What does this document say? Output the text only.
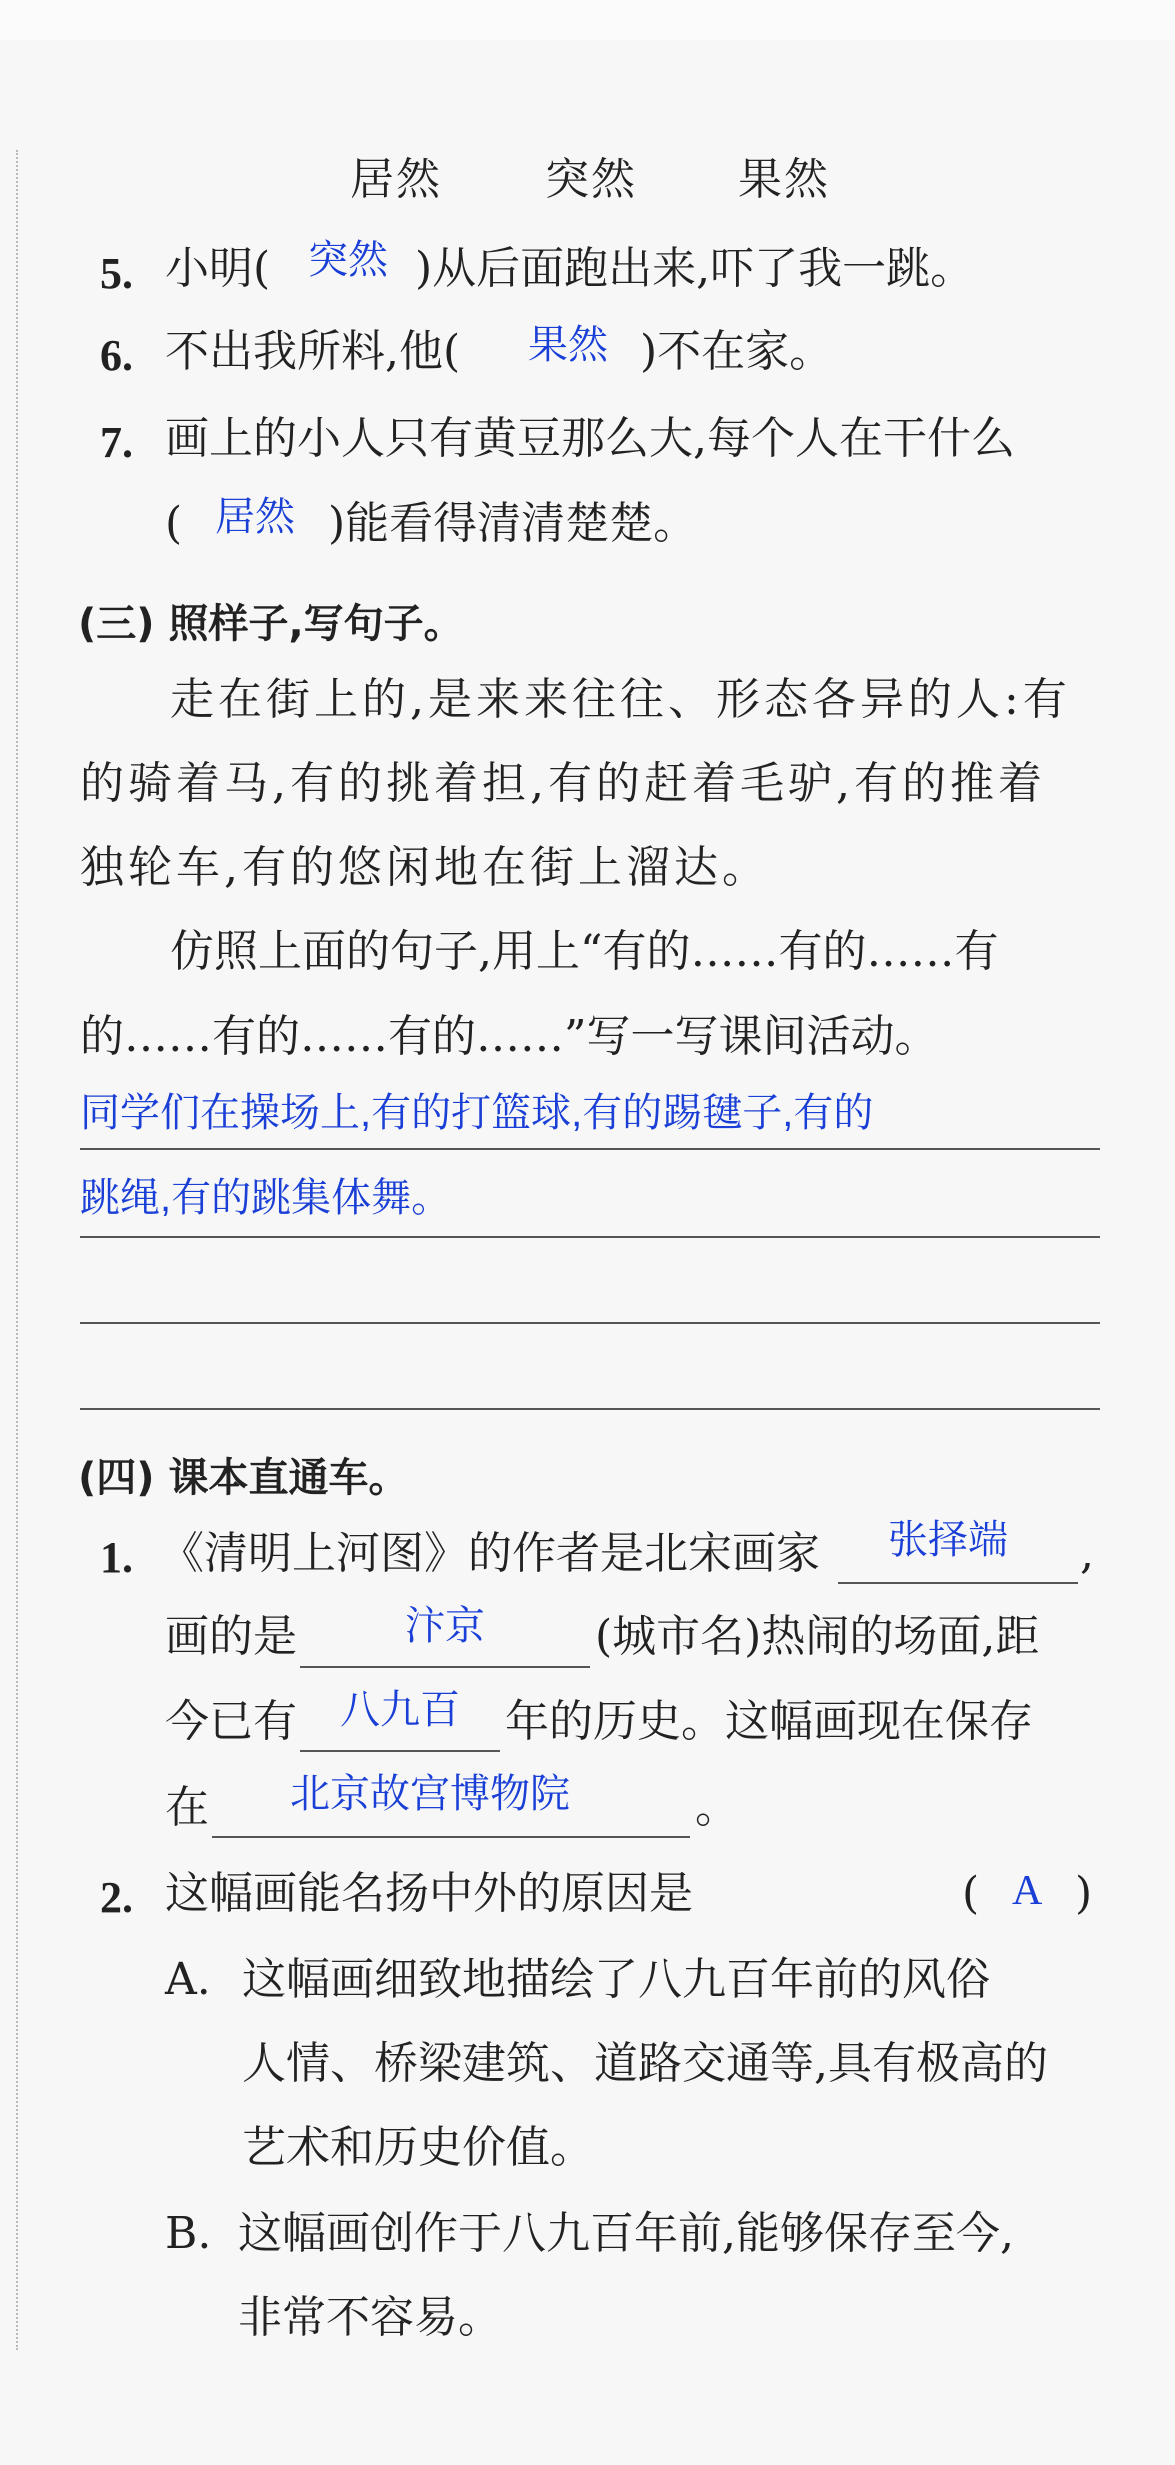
居然 突然 果然
5. 小明( 突然 )从后面跑出来,吓了我一跳。
6. 不出我所料,他( 果然 )不在家。
7. 画上的小人只有黄豆那么大,每个人在干什么
( 居然 )能看得清清楚楚。
(三) 照样子,写句子。
走在街上的,是来来往往、形态各异的人:有
的骑着马,有的挑着担,有的赶着毛驴,有的推着
独轮车,有的悠闲地在街上溜达。
仿照上面的句子,用上“有的……有的……有
的……有的……有的……”写一写课间活动。
同学们在操场上,有的打篮球,有的踢毽子,有的
跳绳,有的跳集体舞。
(四) 课本直通车。
1. 《清明上河图》的作者是北宋画家 张择端 ,
画的是	汴京	(城市名)热闹的场面,距
今已有 八九百 年的历史。这幅画现在保存
在 北京故宫博物院	。
2. 这幅画能名扬中外的原因是	( A )
A. 这幅画细致地描绘了八九百年前的风俗
人情、桥梁建筑、道路交通等,具有极高的
艺术和历史价值。
B. 这幅画创作于八九百年前,能够保存至今,
非常不容易。
